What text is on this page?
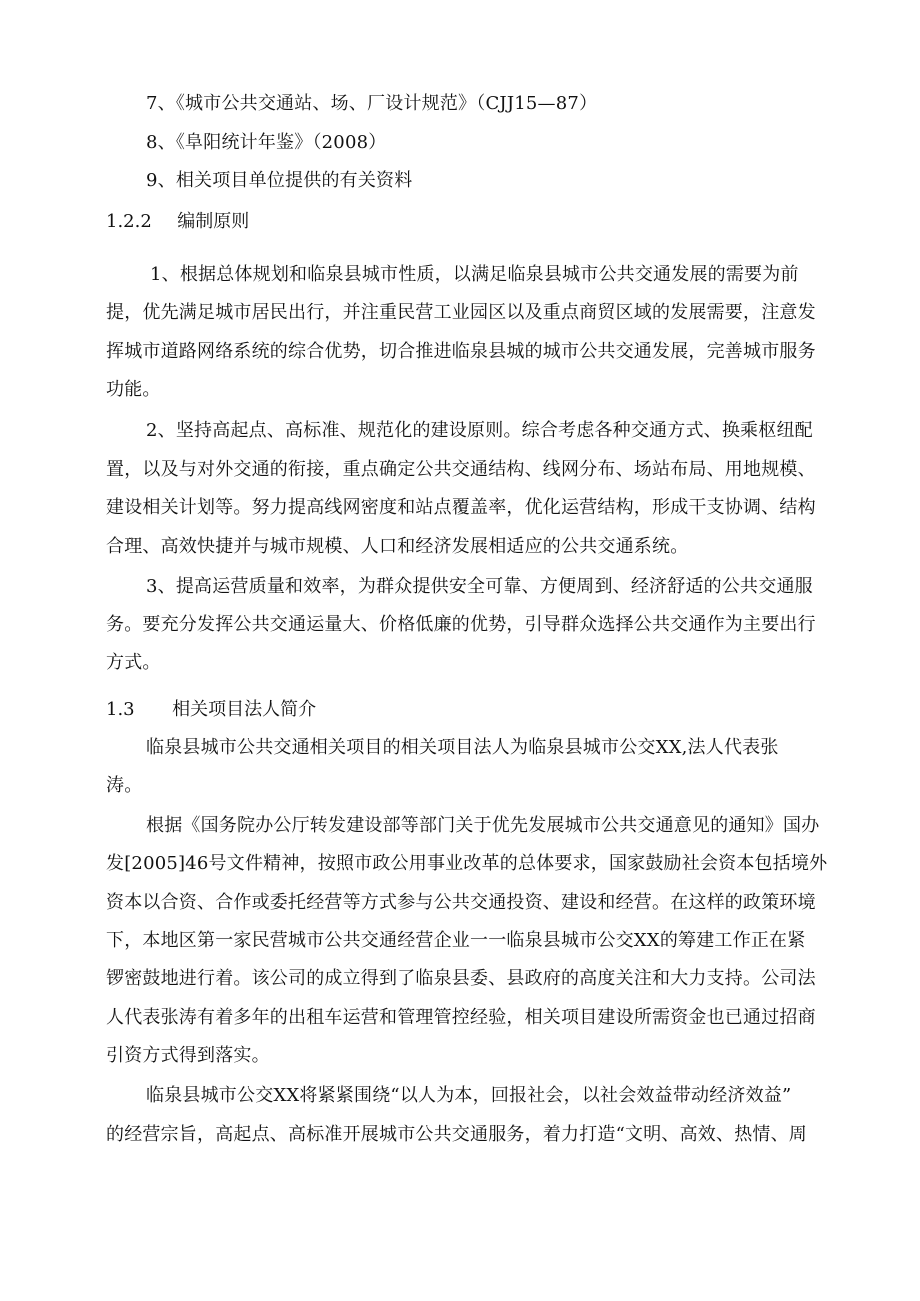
7、《城市公共交通站、场、厂设计规范》（CJJ15—87）
8、《阜阳统计年鉴》（2008）
9、相关项目单位提供的有关资料
1.2.2 编制原则
1、根据总体规划和临泉县城市性质，以满足临泉县城市公共交通发展的需要为前
提，优先满足城市居民出行，并注重民营工业园区以及重点商贸区域的发展需要，注意发
挥城市道路网络系统的综合优势，切合推进临泉县城的城市公共交通发展，完善城市服务
功能。
2、坚持高起点、高标准、规范化的建设原则。综合考虑各种交通方式、换乘枢纽配
置，以及与对外交通的衔接，重点确定公共交通结构、线网分布、场站布局、用地规模、
建设相关计划等。努力提高线网密度和站点覆盖率，优化运营结构，形成干支协调、结构
合理、高效快捷并与城市规模、人口和经济发展相适应的公共交通系统。
3、提高运营质量和效率，为群众提供安全可靠、方便周到、经济舒适的公共交通服
务。要充分发挥公共交通运量大、价格低廉的优势，引导群众选择公共交通作为主要出行
方式。
1.3 相关项目法人简介
临泉县城市公共交通相关项目的相关项目法人为临泉县城市公交XX,法人代表张
涛。
根据《国务院办公厅转发建设部等部门关于优先发展城市公共交通意见的通知》国办
发[2005]46号文件精神，按照市政公用事业改革的总体要求，国家鼓励社会资本包括境外
资本以合资、合作或委托经营等方式参与公共交通投资、建设和经营。在这样的政策环境
下，本地区第一家民营城市公共交通经营企业一一临泉县城市公交XX的筹建工作正在紧
锣密鼓地进行着。该公司的成立得到了临泉县委、县政府的高度关注和大力支持。公司法
人代表张涛有着多年的出租车运营和管理管控经验，相关项目建设所需资金也已通过招商
引资方式得到落实。
临泉县城市公交XX将紧紧围绕“以人为本，回报社会，以社会效益带动经济效益”
的经营宗旨，高起点、高标准开展城市公共交通服务，着力打造“文明、高效、热情、周
